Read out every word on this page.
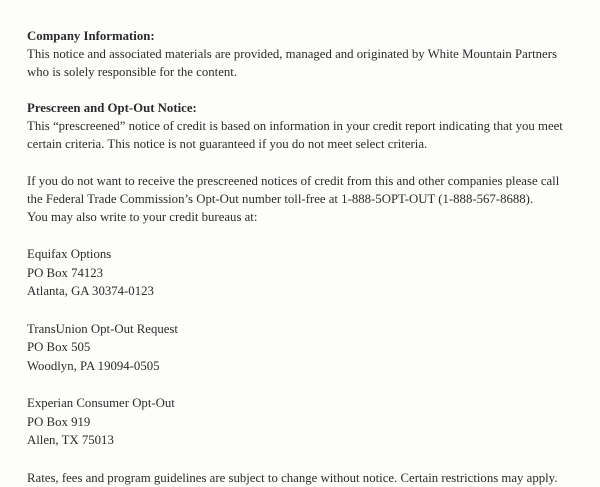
Company Information:
This notice and associated materials are provided, managed and originated by White Mountain Partners who is solely responsible for the content.
Prescreen and Opt-Out Notice:
This “prescreened” notice of credit is based on information in your credit report indicating that you meet certain criteria. This notice is not guaranteed if you do not meet select criteria.
If you do not want to receive the prescreened notices of credit from this and other companies please call the Federal Trade Commission’s Opt-Out number toll-free at 1-888-5OPT-OUT (1-888-567-8688).
You may also write to your credit bureaus at:
Equifax Options
PO Box 74123
Atlanta, GA 30374-0123
TransUnion Opt-Out Request
PO Box 505
Woodlyn, PA 19094-0505
Experian Consumer Opt-Out
PO Box 919
Allen, TX 75013
Rates, fees and program guidelines are subject to change without notice. Certain restrictions may apply.
